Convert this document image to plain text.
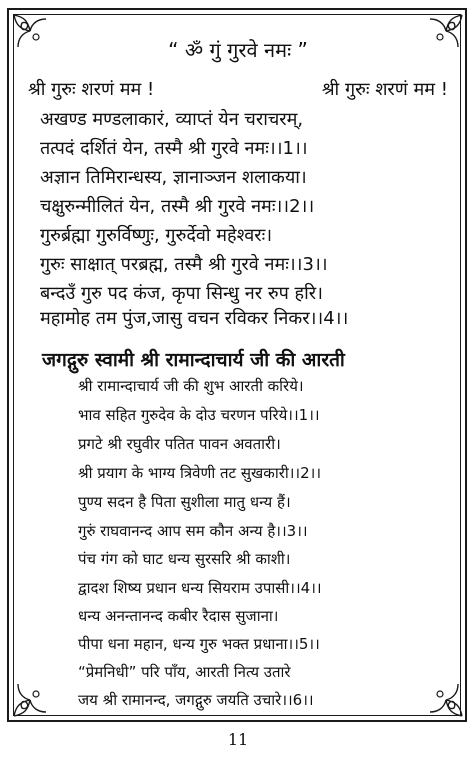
“ ॐ गुं गुरवे नमः ”
श्री गुरुः शरणं मम !	श्री गुरुः शरणं मम !
अखण्ड मण्डलाकारं, व्याप्तं येन चराचरम्,
तत्पदं दर्शितं येन, तस्मै श्री गुरवे नमः।।1।।
अज्ञान तिमिरान्धस्य, ज्ञानाञ्जन शलाकया।
चक्षुरुन्मीलितं येन, तस्मै श्री गुरवे नमः।।2।।
गुरुर्ब्रह्मा गुरुर्विष्णुः, गुरुर्देवो महेश्वरः।
गुरुः साक्षात् परब्रह्म, तस्मै श्री गुरवे नमः।।3।।
बन्दउँ गुरु पद कंज, कृपा सिन्धु नर रुप हरि।
महामोह तम पुंज,जासु वचन रविकर निकर।।4।।
जगद्गुरु स्वामी श्री रामान्दाचार्य जी की आरती
श्री रामान्दाचार्य जी की शुभ आरती करिये।
भाव सहित गुरुदेव के दोउ चरणन परिये।।1।।
प्रगटे श्री रघुवीर पतित पावन अवतारी।
श्री प्रयाग के भाग्य त्रिवेणी तट सुखकारी।।2।।
पुण्य सदन है पिता सुशीला मातु धन्य हैं।
गुरुं राघवानन्द आप सम कौन अन्य है।।3।।
पंच गंग को घाट धन्य सुरसरि श्री काशी।
द्वादश शिष्य प्रधान धन्य सियराम उपासी।।4।।
धन्य अनन्तानन्द कबीर रैदास सुजाना।
पीपा धना महान, धन्य गुरु भक्त प्रधाना।।5।।
“प्रेमनिधी” परि पाँय, आरती नित्य उतारे
जय श्री रामानन्द, जगद्गुरु जयति उचारे।।6।।
11
